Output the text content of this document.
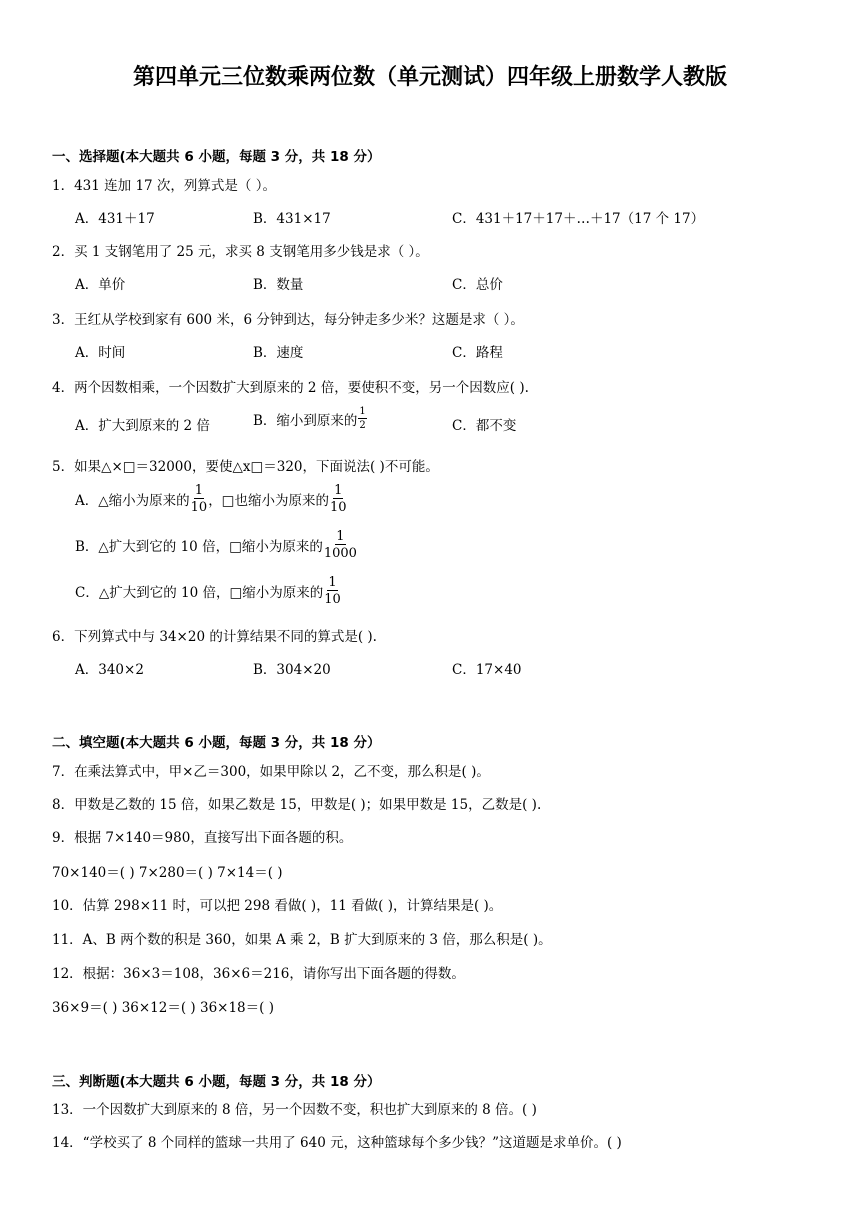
第四单元三位数乘两位数（单元测试）四年级上册数学人教版
一、选择题(本大题共 6 小题，每题 3 分，共 18 分）
1．431 连加 17 次，列算式是（ ）。
A．431＋17	B．431×17	C．431＋17＋17＋…＋17（17 个 17）
2．买 1 支钢笔用了 25 元，求买 8 支钢笔用多少钱是求（ ）。
A．单价	B．数量	C．总价
3．王红从学校到家有 600 米，6 分钟到达，每分钟走多少米？这题是求（ ）。
A．时间	B．速度	C．路程
4．两个因数相乘，一个因数扩大到原来的 2 倍，要使积不变，另一个因数应( ).
A．扩大到原来的 2 倍	B．缩小到原来的 $\frac{1}{2}$	C．都不变
5．如果△×□＝32000，要使△x□＝320，下面说法( )不可能。
A．△缩小为原来的 $\frac{1}{10}$ ，□也缩小为原来的 $\frac{1}{10}$
B．△扩大到它的 10 倍，□缩小为原来的 $\frac{1}{1000}$
C．△扩大到它的 10 倍，□缩小为原来的 $\frac{1}{10}$
6．下列算式中与 34×20 的计算结果不同的算式是( ).
A．340×2	B．304×20	C．17×40
二、填空题(本大题共 6 小题，每题 3 分，共 18 分）
7．在乘法算式中，甲×乙＝300，如果甲除以 2，乙不变，那么积是( )。
8．甲数是乙数的 15 倍，如果乙数是 15，甲数是( )；如果甲数是 15，乙数是( ).
9．根据 7×140＝980，直接写出下面各题的积。
70×140＝( ) 7×280＝( ) 7×14＝( )
10．估算 298×11 时，可以把 298 看做( )，11 看做( )，计算结果是( )。
11．A、B 两个数的积是 360，如果 A 乘 2，B 扩大到原来的 3 倍，那么积是( )。
12．根据：36×3＝108，36×6＝216，请你写出下面各题的得数。
36×9＝( ) 36×12＝( ) 36×18＝( )
三、判断题(本大题共 6 小题，每题 3 分，共 18 分）
13．一个因数扩大到原来的 8 倍，另一个因数不变，积也扩大到原来的 8 倍。( )
14．“学校买了 8 个同样的篮球一共用了 640 元，这种篮球每个多少钱？”这道题是求单价。( )
